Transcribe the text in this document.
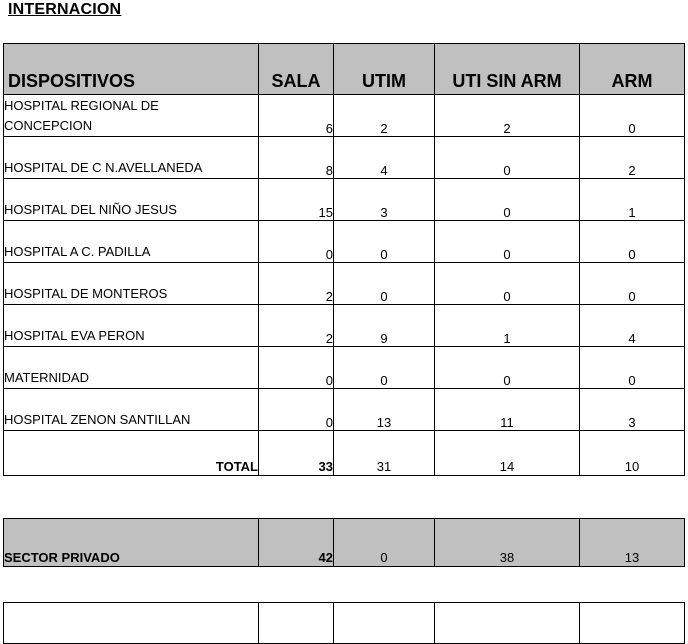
INTERNACION
DISPOSITIVOS	SALA	UTIM	UTI SIN ARM	ARM

HOSPITAL REGIONAL DE
CONCEPCION	6	2	2	0

HOSPITAL DE C N.AVELLANEDA	8	4	0	2

HOSPITAL DEL NIÑO JESUS	15	3	0	1

HOSPITAL A C. PADILLA	0	0	0	0

HOSPITAL DE MONTEROS	2	0	0	0

HOSPITAL EVA PERON	2	9	1	4

MATERNIDAD	0	0	0	0

HOSPITAL ZENON SANTILLAN	0	13	11	3
TOTAL	33	31	14	10
SECTOR PRIVADO	42	0	38	13
